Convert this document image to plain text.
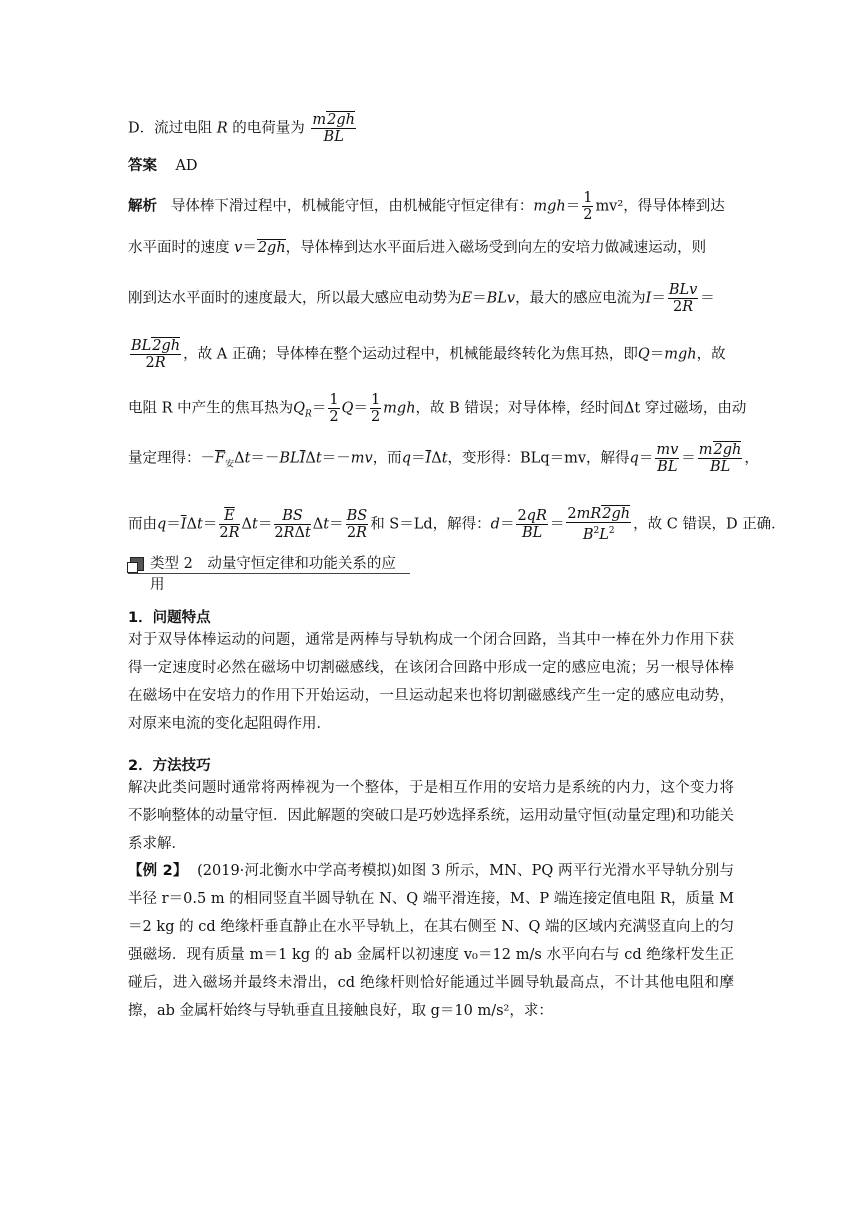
D．流过电阻 R 的电荷量为 $\frac{m2gh}{BL}$
答案 AD
解析 导体棒下滑过程中，机械能守恒，由机械能守恒定律有：$mgh= \frac{1}{2} mv^2$，得导体棒到达
水平面时的速度 v＝2gh，导体棒到达水平面后进入磁场受到向左的安培力做减速运动，则
刚到达水平面时的速度最大，所以最大感应电动势为E＝BLv，最大的感应电流为$I= \frac{\text{BLv}}{2R}$ ＝
$\frac{BL2gh}{2R}$ ，故 A 正确；导体棒在整个运动过程中，机械能最终转化为焦耳热，即Q＝mgh，故
电阻 R 中产生的焦耳热为$Q_R= \frac{1}{2} Q= \frac{1}{2}$ mgh，故 B 错误；对导体棒，经时间Δt 穿过磁场，由动
量定理得：$-\overline{F}_安\Delta t=-BL\overline{I}\Delta t=-mv$，而$q=\overline{I}\Delta t$，变形得：BLq＝mv，解得$q= \frac{mv}{BL} = \frac{m2gh}{BL}$ ，
而由$q=\overline{I}\Delta t= \frac{\overline{E}}{2R} \Delta t= \frac{BS}{\text{2RΔt}} \Delta t= \frac{BS}{2R}$ 和 S＝Ld，解得：$d= \frac{2qR}{BL} = \frac{2mR2gh}{B^2L^2}$ ，故 C 错误，D 正确．
类型 2　动量守恒定律和功能关系的应用
1．问题特点
对于双导体棒运动的问题，通常是两棒与导轨构成一个闭合回路，当其中一棒在外力作用下获得一定速度时必然在磁场中切割磁感线，在该闭合回路中形成一定的感应电流；另一根导体棒在磁场中在安培力的作用下开始运动，一旦运动起来也将切割磁感线产生一定的感应电动势，对原来电流的变化起阻碍作用．
2．方法技巧
解决此类问题时通常将两棒视为一个整体，于是相互作用的安培力是系统的内力，这个变力将不影响整体的动量守恒．因此解题的突破口是巧妙选择系统，运用动量守恒(动量定理)和功能关系求解．
【例 2】 (2019·河北衡水中学高考模拟)如图 3 所示，MN、PQ 两平行光滑水平导轨分别与半径 r＝0.5 m 的相同竖直半圆导轨在 N、Q 端平滑连接，M、P 端连接定值电阻 R，质量 M＝2 kg 的 cd 绝缘杆垂直静止在水平导轨上，在其右侧至 N、Q 端的区域内充满竖直向上的匀强磁场．现有质量 m＝1 kg 的 ab 金属杆以初速度 v₀＝12 m/s 水平向右与 cd 绝缘杆发生正碰后，进入磁场并最终未滑出，cd 绝缘杆则恰好能通过半圆导轨最高点，不计其他电阻和摩擦，ab 金属杆始终与导轨垂直且接触良好，取 g＝10 m/s²，求：
